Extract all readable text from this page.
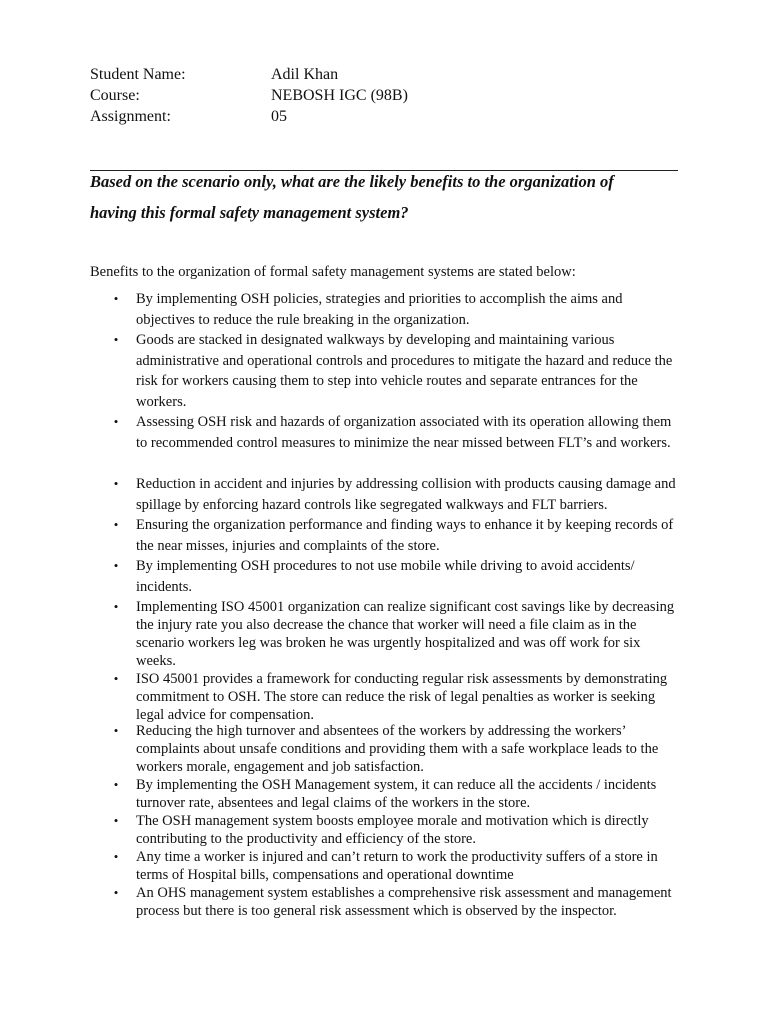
Student Name:	Adil Khan
Course:	NEBOSH IGC (98B)
Assignment:	05
Based on the scenario only, what are the likely benefits to the organization of
having this formal safety management system?
Benefits to the organization of formal safety management systems are stated below:
• By implementing OSH policies, strategies and priorities to accomplish the aims and objectives to reduce the rule breaking in the organization.
• Goods are stacked in designated walkways by developing and maintaining various administrative and operational controls and procedures to mitigate the hazard and reduce the risk for workers causing them to step into vehicle routes and separate entrances for the workers.
• Assessing OSH risk and hazards of organization associated with its operation allowing them to recommended control measures to minimize the near missed between FLT’s and workers.
• Reduction in accident and injuries by addressing collision with products causing damage and spillage by enforcing hazard controls like segregated walkways and FLT barriers.
• Ensuring the organization performance and finding ways to enhance it by keeping records of the near misses, injuries and complaints of the store.
• By implementing OSH procedures to not use mobile while driving to avoid accidents/ incidents.
• Implementing ISO 45001 organization can realize significant cost savings like by decreasing the injury rate you also decrease the chance that worker will need a file claim as in the scenario workers leg was broken he was urgently hospitalized and was off work for six weeks.
• ISO 45001 provides a framework for conducting regular risk assessments by demonstrating commitment to OSH. The store can reduce the risk of legal penalties as worker is seeking legal advice for compensation.
• Reducing the high turnover and absentees of the workers by addressing the workers’ complaints about unsafe conditions and providing them with a safe workplace leads to the workers morale, engagement and job satisfaction.
• By implementing the OSH Management system, it can reduce all the accidents / incidents turnover rate, absentees and legal claims of the workers in the store.
• The OSH management system boosts employee morale and motivation which is directly contributing to the productivity and efficiency of the store.
• Any time a worker is injured and can’t return to work the productivity suffers of a store in terms of Hospital bills, compensations and operational downtime
• An OHS management system establishes a comprehensive risk assessment and management process but there is too general risk assessment which is observed by the inspector.
